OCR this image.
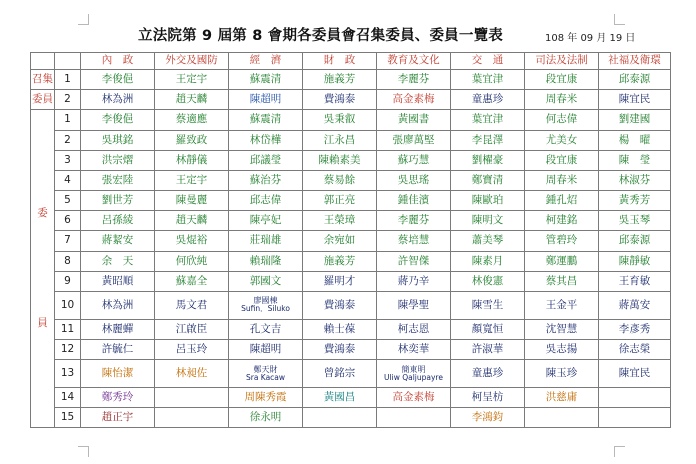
立法院第 9 屆第 8 會期各委員會召集委員、委員一覽表	108 年 09 月 19 日
		內　政	外交及國防	經　濟	財　政	教育及文化	交　通	司法及法制	社福及衛環
召集	1	李俊俋	王定宇	蘇震清	施義芳	李麗芬	葉宜津	段宜康	邱泰源
委員	2	林為洲	趙天麟	陳超明	費鴻泰	高金素梅	童惠珍	周春米	陳宜民
委

員	1	李俊俋	蔡適應	蘇震清	吳秉叡	黃國書	葉宜津	何志偉	劉建國
	2	吳琪銘	羅致政	林岱樺	江永昌	張廖萬堅	李昆澤	尤美女	楊　曜
	3	洪宗熠	林靜儀	邱議瑩	陳賴素美	蘇巧慧	劉櫂豪	段宜康	陳　瑩
	4	張宏陸	王定宇	蘇治芬	蔡易餘	吳思瑤	鄭寶清	周春米	林淑芬
	5	劉世芳	陳曼麗	邱志偉	郭正亮	鍾佳濱	陳歐珀	鍾孔炤	黃秀芳
	6	呂孫綾	趙天麟	陳亭妃	王榮璋	李麗芬	陳明文	柯建銘	吳玉琴
	7	蔣絜安	吳焜裕	莊瑞雄	余宛如	蔡培慧	蕭美琴	管碧玲	邱泰源
	8	余　天	何欣純	賴瑞隆	施義芳	許智傑	陳素月	鄭運鵬	陳靜敏
	9	黃昭順	蘇嘉全	郭國文	羅明才	蔣乃辛	林俊憲	蔡其昌	王育敏
	10	林為洲	馬文君	廖國棟
Sufin．Siluko	費鴻泰	陳學聖	陳雪生	王金平	蔣萬安
	11	林麗蟬	江啟臣	孔文吉	賴士葆	柯志恩	顏寬恒	沈智慧	李彥秀
	12	許毓仁	呂玉玲	陳超明	費鴻泰	林奕華	許淑華	吳志揚	徐志榮
	13	陳怡潔	林昶佐	鄭天財
Sra Kacaw	曾銘宗	簡東明
Uliw Qaljupayre	童惠珍	陳玉珍	陳宜民
	14	鄭秀玲		周陳秀霞	黃國昌	高金素梅	柯呈枋	洪慈庸	
	15	趙正宇		徐永明			李鴻鈞		
